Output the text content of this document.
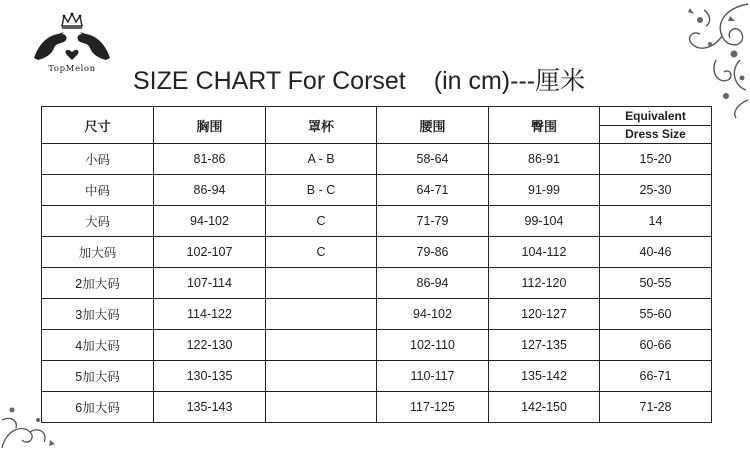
TopMelon	SIZE CHART For Corset (in cm)---厘米
尺寸	胸围	罩杯	腰围	臀围	Equivalent
Dress Size

小码	81-86	A - B	58-64	86-91	15-20
中码	86-94	B - C	64-71	91-99	25-30
大码	94-102	C	71-79	99-104	14
加大码	102-107	C	79-86	104-112	40-46
2加大码	107-114		86-94	112-120	50-55
3加大码	114-122		94-102	120-127	55-60
4加大码	122-130		102-110	127-135	60-66
5加大码	130-135		110-117	135-142	66-71
6加大码	135-143		117-125	142-150	71-28
